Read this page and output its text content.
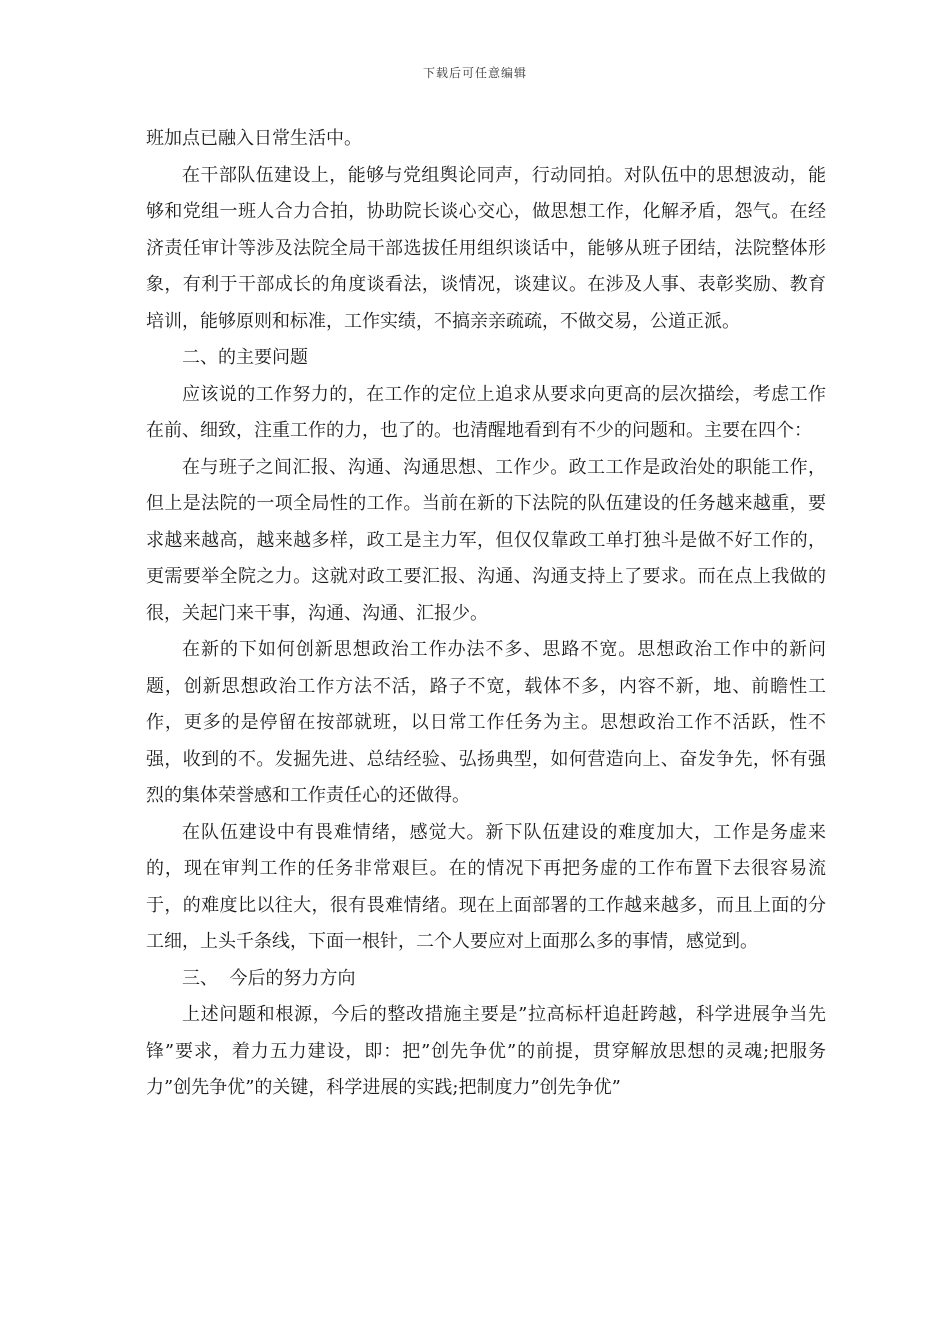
下载后可任意编辑

班加点已融入日常生活中。

在干部队伍建设上，能够与党组舆论同声，行动同拍。对队伍中的思想波动，能够和党组一班人合力合拍，协助院长谈心交心，做思想工作，化解矛盾，怨气。在经济责任审计等涉及法院全局干部选拔任用组织谈话中，能够从班子团结，法院整体形象，有利于干部成长的角度谈看法，谈情况，谈建议。在涉及人事、表彰奖励、教育培训，能够原则和标准，工作实绩，不搞亲亲疏疏，不做交易，公道正派。

二、的主要问题

应该说的工作努力的，在工作的定位上追求从要求向更高的层次描绘，考虑工作在前、细致，注重工作的力，也了的。也清醒地看到有不少的问题和。主要在四个：

在与班子之间汇报、沟通、沟通思想、工作少。政工工作是政治处的职能工作，但上是法院的一项全局性的工作。当前在新的下法院的队伍建设的任务越来越重，要求越来越高，越来越多样，政工是主力军，但仅仅靠政工单打独斗是做不好工作的，更需要举全院之力。这就对政工要汇报、沟通、沟通支持上了要求。而在点上我做的很，关起门来干事，沟通、沟通、汇报少。

在新的下如何创新思想政治工作办法不多、思路不宽。思想政治工作中的新问题，创新思想政治工作方法不活，路子不宽，载体不多，内容不新，地、前瞻性工作，更多的是停留在按部就班，以日常工作任务为主。思想政治工作不活跃，性不强，收到的不。发掘先进、总结经验、弘扬典型，如何营造向上、奋发争先，怀有强烈的集体荣誉感和工作责任心的还做得。

在队伍建设中有畏难情绪，感觉大。新下队伍建设的难度加大，工作是务虚来的，现在审判工作的任务非常艰巨。在的情况下再把务虚的工作布置下去很容易流于，的难度比以往大，很有畏难情绪。现在上面部署的工作越来越多，而且上面的分工细，上头千条线，下面一根针，二个人要应对上面那么多的事情，感觉到。

三、  今后的努力方向

上述问题和根源，今后的整改措施主要是”拉高标杆追赶跨越，科学进展争当先锋”要求，着力五力建设，即：把”创先争优”的前提，贯穿解放思想的灵魂;把服务力”创先争优”的关键，科学进展的实践;把制度力”创先争优”
